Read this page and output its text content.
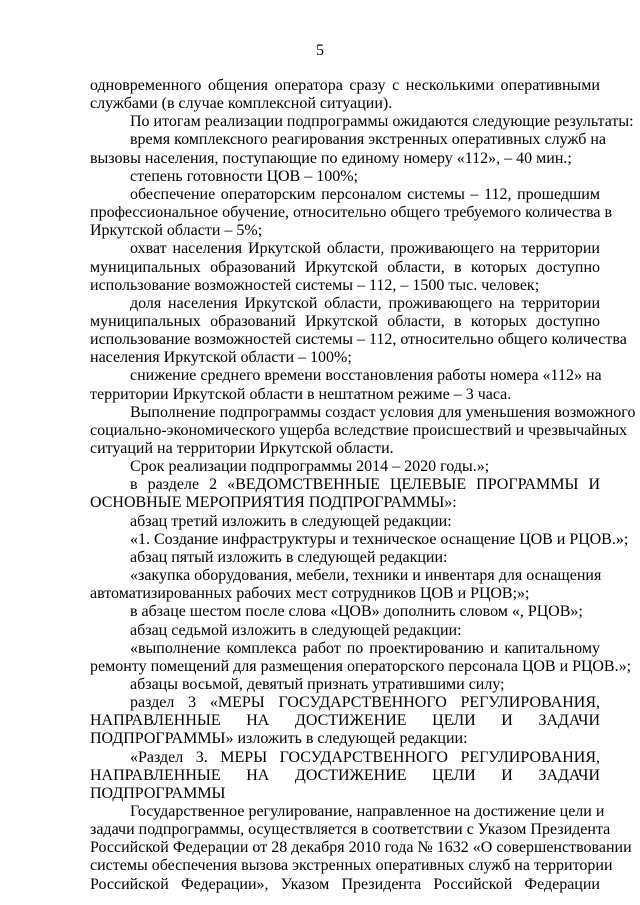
5
одновременного общения оператора сразу с несколькими оперативными
службами (в случае комплексной ситуации).
По итогам реализации подпрограммы ожидаются следующие результаты:
время комплексного реагирования экстренных оперативных служб на
вызовы населения, поступающие по единому номеру «112», – 40 мин.;
степень готовности ЦОВ – 100%;
обеспечение операторским персоналом системы – 112, прошедшим
профессиональное обучение, относительно общего требуемого количества в
Иркутской области – 5%;
охват населения Иркутской области, проживающего на территории
муниципальных образований Иркутской области, в которых доступно
использование возможностей системы – 112, – 1500 тыс. человек;
доля населения Иркутской области, проживающего на территории
муниципальных образований Иркутской области, в которых доступно
использование возможностей системы – 112, относительно общего количества
населения Иркутской области – 100%;
снижение среднего времени восстановления работы номера «112» на
территории Иркутской области в нештатном режиме – 3 часа.
Выполнение подпрограммы создаст условия для уменьшения возможного
социально-экономического ущерба вследствие происшествий и чрезвычайных
ситуаций на территории Иркутской области.
Срок реализации подпрограммы 2014 – 2020 годы.»;
в разделе 2 «ВЕДОМСТВЕННЫЕ ЦЕЛЕВЫЕ ПРОГРАММЫ И
ОСНОВНЫЕ МЕРОПРИЯТИЯ ПОДПРОГРАММЫ»:
абзац третий изложить в следующей редакции:
«1. Создание инфраструктуры и техническое оснащение ЦОВ и РЦОВ.»;
абзац пятый изложить в следующей редакции:
«закупка оборудования, мебели, техники и инвентаря для оснащения
автоматизированных рабочих мест сотрудников ЦОВ и РЦОВ;»;
в абзаце шестом после слова «ЦОВ» дополнить словом «, РЦОВ»;
абзац седьмой изложить в следующей редакции:
«выполнение комплекса работ по проектированию и капитальному
ремонту помещений для размещения операторского персонала ЦОВ и РЦОВ.»;
абзацы восьмой, девятый признать утратившими силу;
раздел 3 «МЕРЫ ГОСУДАРСТВЕННОГО РЕГУЛИРОВАНИЯ,
НАПРАВЛЕННЫЕ НА ДОСТИЖЕНИЕ ЦЕЛИ И ЗАДАЧИ
ПОДПРОГРАММЫ» изложить в следующей редакции:
«Раздел 3. МЕРЫ ГОСУДАРСТВЕННОГО РЕГУЛИРОВАНИЯ,
НАПРАВЛЕННЫЕ НА ДОСТИЖЕНИЕ ЦЕЛИ И ЗАДАЧИ
ПОДПРОГРАММЫ
Государственное регулирование, направленное на достижение цели и
задачи подпрограммы, осуществляется в соответствии с Указом Президента
Российской Федерации от 28 декабря 2010 года № 1632 «О совершенствовании
системы обеспечения вызова экстренных оперативных служб на территории
Российской Федерации», Указом Президента Российской Федерации
